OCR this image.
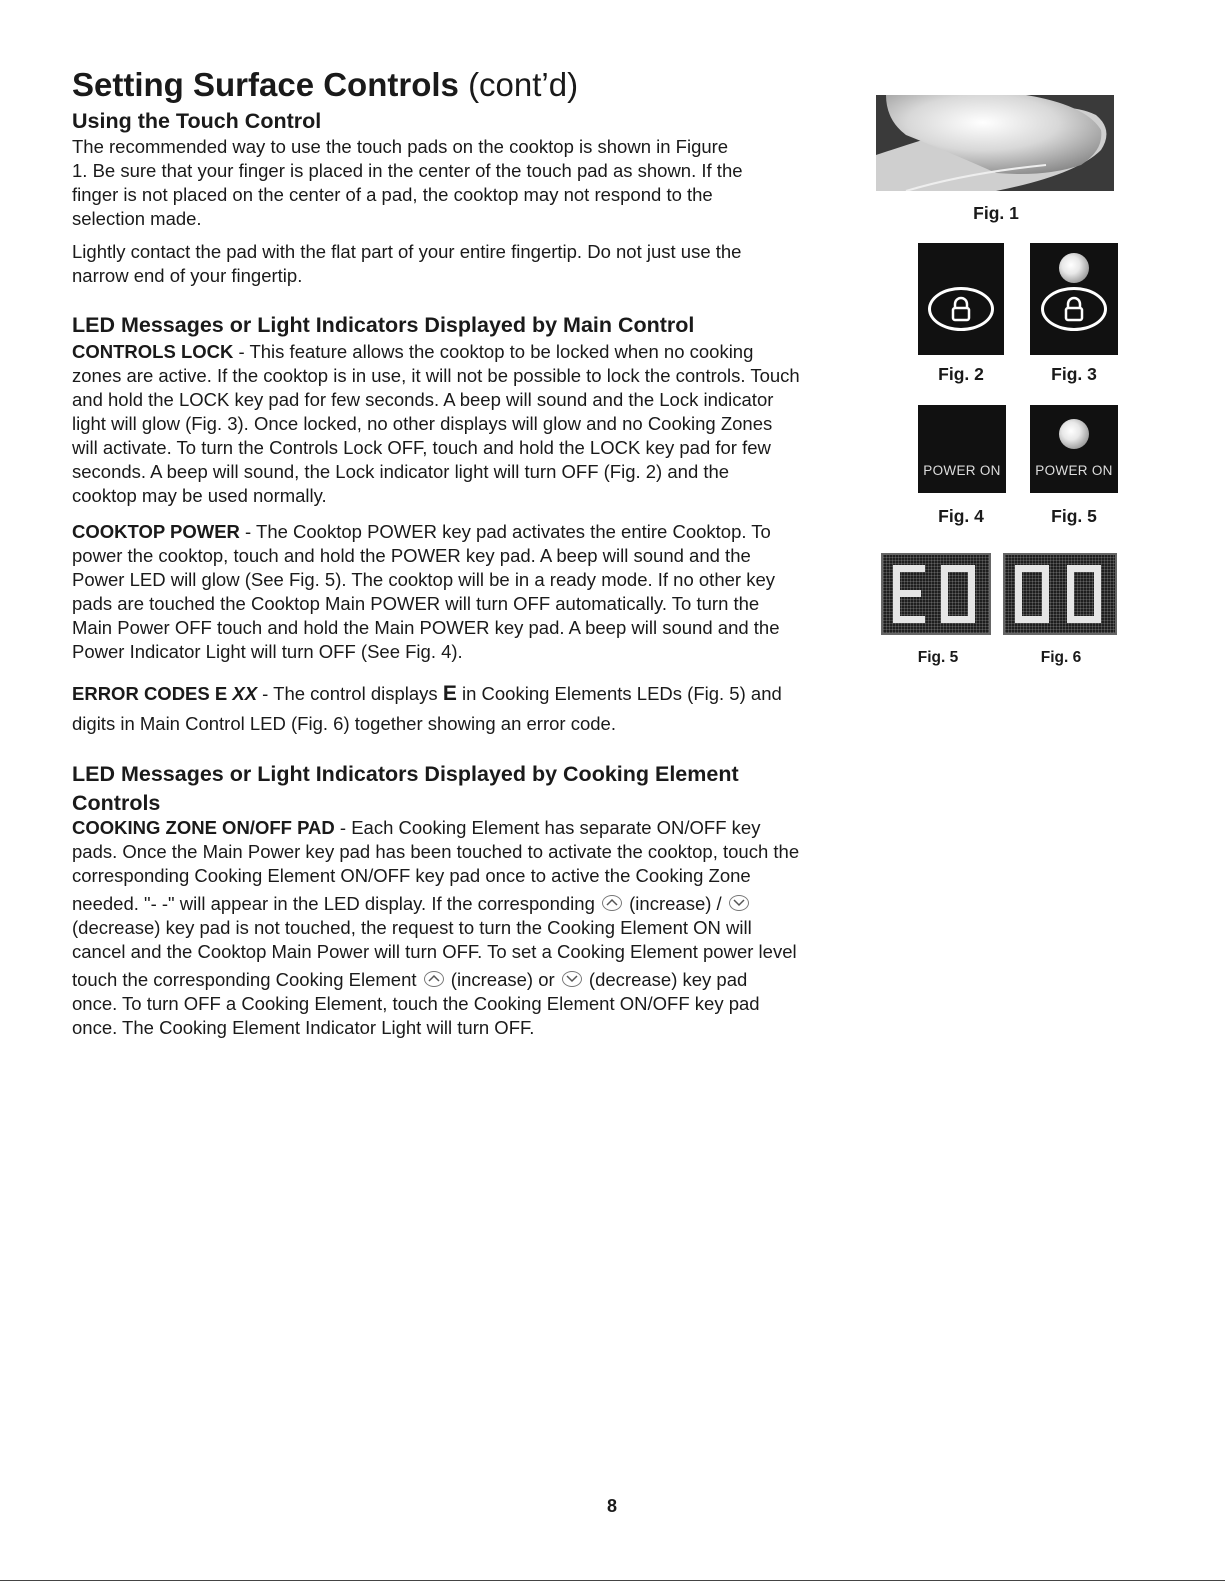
Setting Surface Controls (cont’d)
Using the Touch Control
The recommended way to use the touch pads on the cooktop is shown in Figure
1. Be sure that your finger is placed in the center of the touch pad as shown. If the
finger is not placed on the center of a pad, the cooktop may not respond to the
selection made.
Lightly contact the pad with the flat part of your entire fingertip. Do not just use the
narrow end of your fingertip.
LED Messages or Light Indicators Displayed by Main Control
CONTROLS LOCK - This feature allows the cooktop to be locked when no cooking
zones are active. If the cooktop is in use, it will not be possible to lock the controls. Touch
and hold the LOCK key pad for few seconds. A beep will sound and the Lock indicator
light will glow (Fig. 3). Once locked, no other displays will glow and no Cooking Zones
will activate. To turn the Controls Lock OFF, touch and hold the LOCK key pad for few
seconds. A beep will sound, the Lock indicator light will turn OFF (Fig. 2) and the
cooktop may be used normally.
COOKTOP POWER - The Cooktop POWER key pad activates the entire Cooktop. To
power the cooktop, touch and hold the POWER key pad. A beep will sound and the
Power LED will glow (See Fig. 5). The cooktop will be in a ready mode. If no other key
pads are touched the Cooktop Main POWER will turn OFF automatically. To turn the
Main Power OFF touch and hold the Main POWER key pad. A beep will sound and the
Power Indicator Light will turn OFF (See Fig. 4).
ERROR CODES E XX - The control displays E in Cooking Elements LEDs (Fig. 5) and
digits in Main Control LED (Fig. 6) together showing an error code.
LED Messages or Light Indicators Displayed by Cooking Element
Controls
COOKING ZONE ON/OFF PAD - Each Cooking Element has separate ON/OFF key
pads. Once the Main Power key pad has been touched to activate the cooktop, touch the
corresponding Cooking Element ON/OFF key pad once to active the Cooking Zone
needed. "- -" will appear in the LED display. If the corresponding
(increase) /
(decrease) key pad is not touched, the request to turn the Cooking Element ON will
cancel and the Cooktop Main Power will turn OFF. To set a Cooking Element power level
touch the corresponding Cooking Element
(increase) or
(decrease) key pad
once. To turn OFF a Cooking Element, touch the Cooking Element ON/OFF key pad
once. The Cooking Element Indicator Light will turn OFF.
Fig. 1
Fig. 2	Fig. 3
POWER ON	POWER ON
Fig. 4	Fig. 5
Fig. 5	Fig. 6
8
